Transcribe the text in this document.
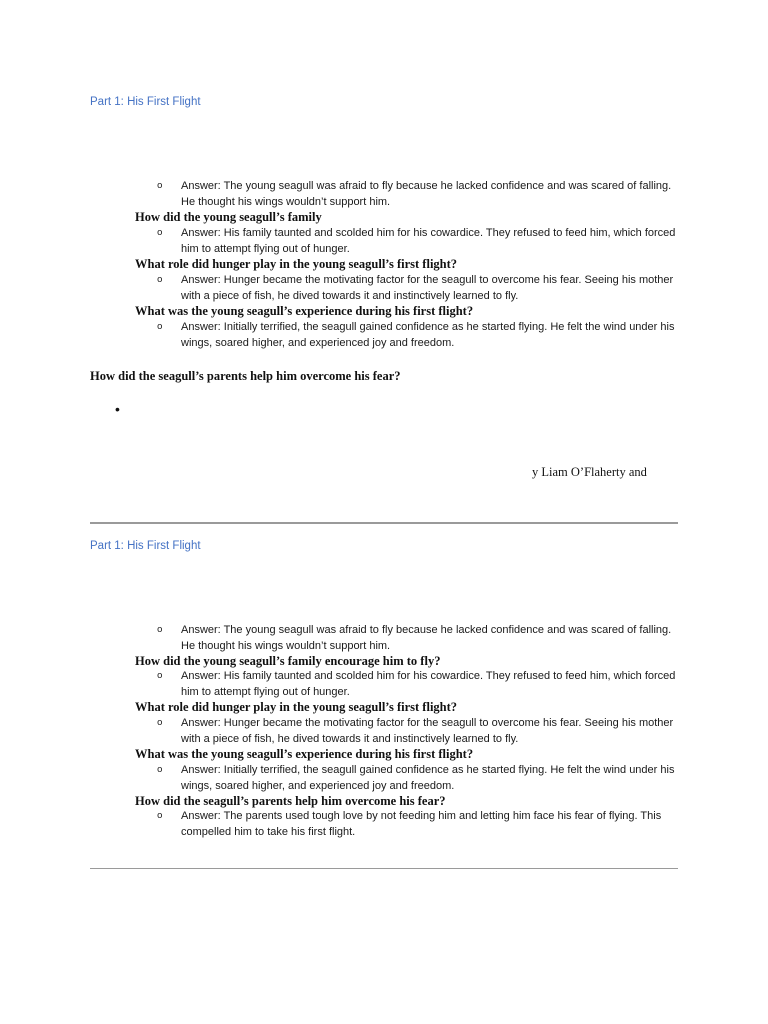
Part 1: His First Flight
o Answer: The young seagull was afraid to fly because he lacked confidence and was scared of falling. He thought his wings wouldn’t support him.
How did the young seagull’s family
o Answer: His family taunted and scolded him for his cowardice. They refused to feed him, which forced him to attempt flying out of hunger.
What role did hunger play in the young seagull’s first flight?
o Answer: Hunger became the motivating factor for the seagull to overcome his fear. Seeing his mother with a piece of fish, he dived towards it and instinctively learned to fly.
What was the young seagull’s experience during his first flight?
o Answer: Initially terrified, the seagull gained confidence as he started flying. He felt the wind under his wings, soared higher, and experienced joy and freedom.
How did the seagull’s parents help him overcome his fear?
•
y Liam O’Flaherty and
Part 1: His First Flight
o Answer: The young seagull was afraid to fly because he lacked confidence and was scared of falling. He thought his wings wouldn’t support him.
How did the young seagull’s family encourage him to fly?
o Answer: His family taunted and scolded him for his cowardice. They refused to feed him, which forced him to attempt flying out of hunger.
What role did hunger play in the young seagull’s first flight?
o Answer: Hunger became the motivating factor for the seagull to overcome his fear. Seeing his mother with a piece of fish, he dived towards it and instinctively learned to fly.
What was the young seagull’s experience during his first flight?
o Answer: Initially terrified, the seagull gained confidence as he started flying. He felt the wind under his wings, soared higher, and experienced joy and freedom.
How did the seagull’s parents help him overcome his fear?
o Answer: The parents used tough love by not feeding him and letting him face his fear of flying. This compelled him to take his first flight.
